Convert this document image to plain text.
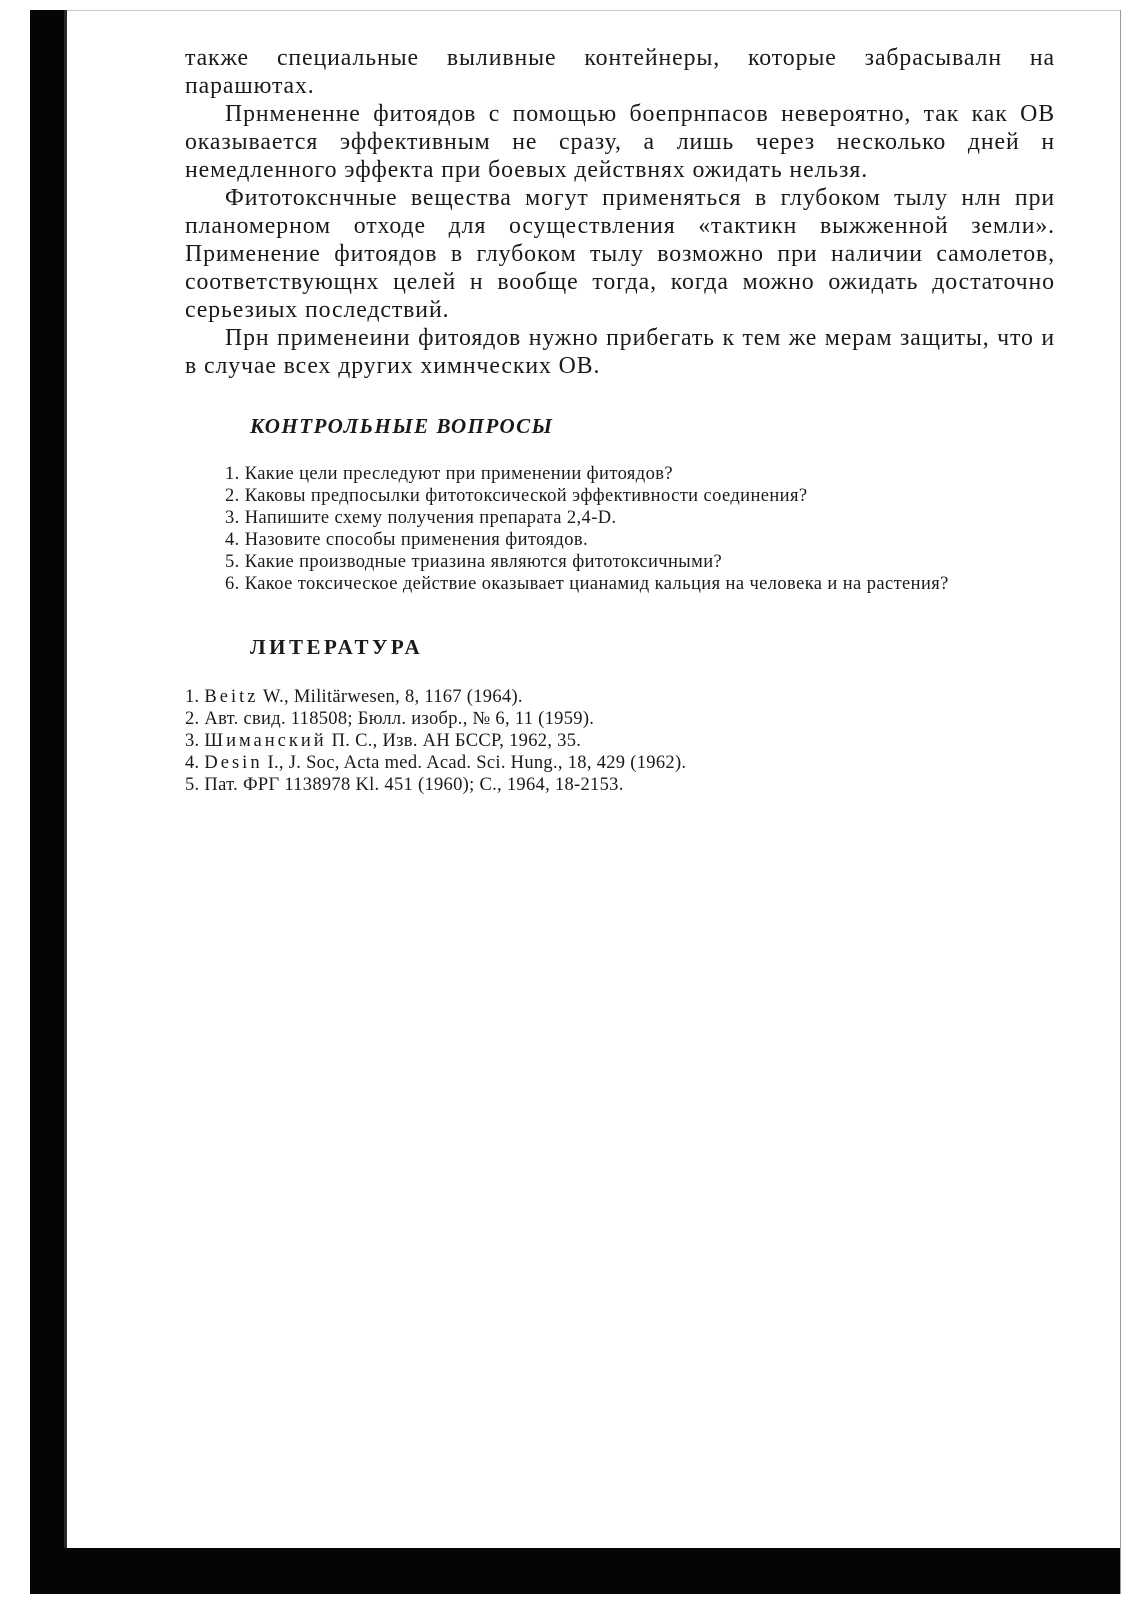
также специальные выливные контейнеры, которые забрасывалн на парашютах.

Прнмененне фитоядов с помощью боепрнпасов невероятно, так как ОВ оказывается эффективным не сразу, а лишь через несколько дней н немедленного эффекта при боевых действнях ожидать нельзя.

Фитотокснчные вещества могут применяться в глубоком тылу нлн при планомерном отходе для осуществления «тактикн выжженной земли». Применение фитоядов в глубоком тылу возможно при наличии самолетов, соответствующнх целей н вообще тогда, когда можно ожидать достаточно серьезиых последствий.

Прн применеини фитоядов нужно прибегать к тем же мерам защиты, что и в случае всех других химнческих ОВ.

КОНТРОЛЬНЫЕ ВОПРОСЫ
1. Какие цели преследуют при применении фитоядов?
2. Каковы предпосылки фитотоксической эффективности соединения?
3. Напишите схему получения препарата 2,4-D.
4. Назовите способы применения фитоядов.
5. Какие производные триазина являются фитотоксичными?
6. Какое токсическое действие оказывает цианамид кальция на человека и на растения?
ЛИТЕРАТУРА
1. Beitz W., Militärwesen, 8, 1167 (1964).
2. Авт. свид. 118508; Бюлл. изобр., № 6, 11 (1959).
3. Шиманский П. С., Изв. АН БССР, 1962, 35.
4. Desin I., J. Soc, Acta med. Acad. Sci. Hung., 18, 429 (1962).
5. Пат. ФРГ 1138978 Kl. 451 (1960); C., 1964, 18-2153.
